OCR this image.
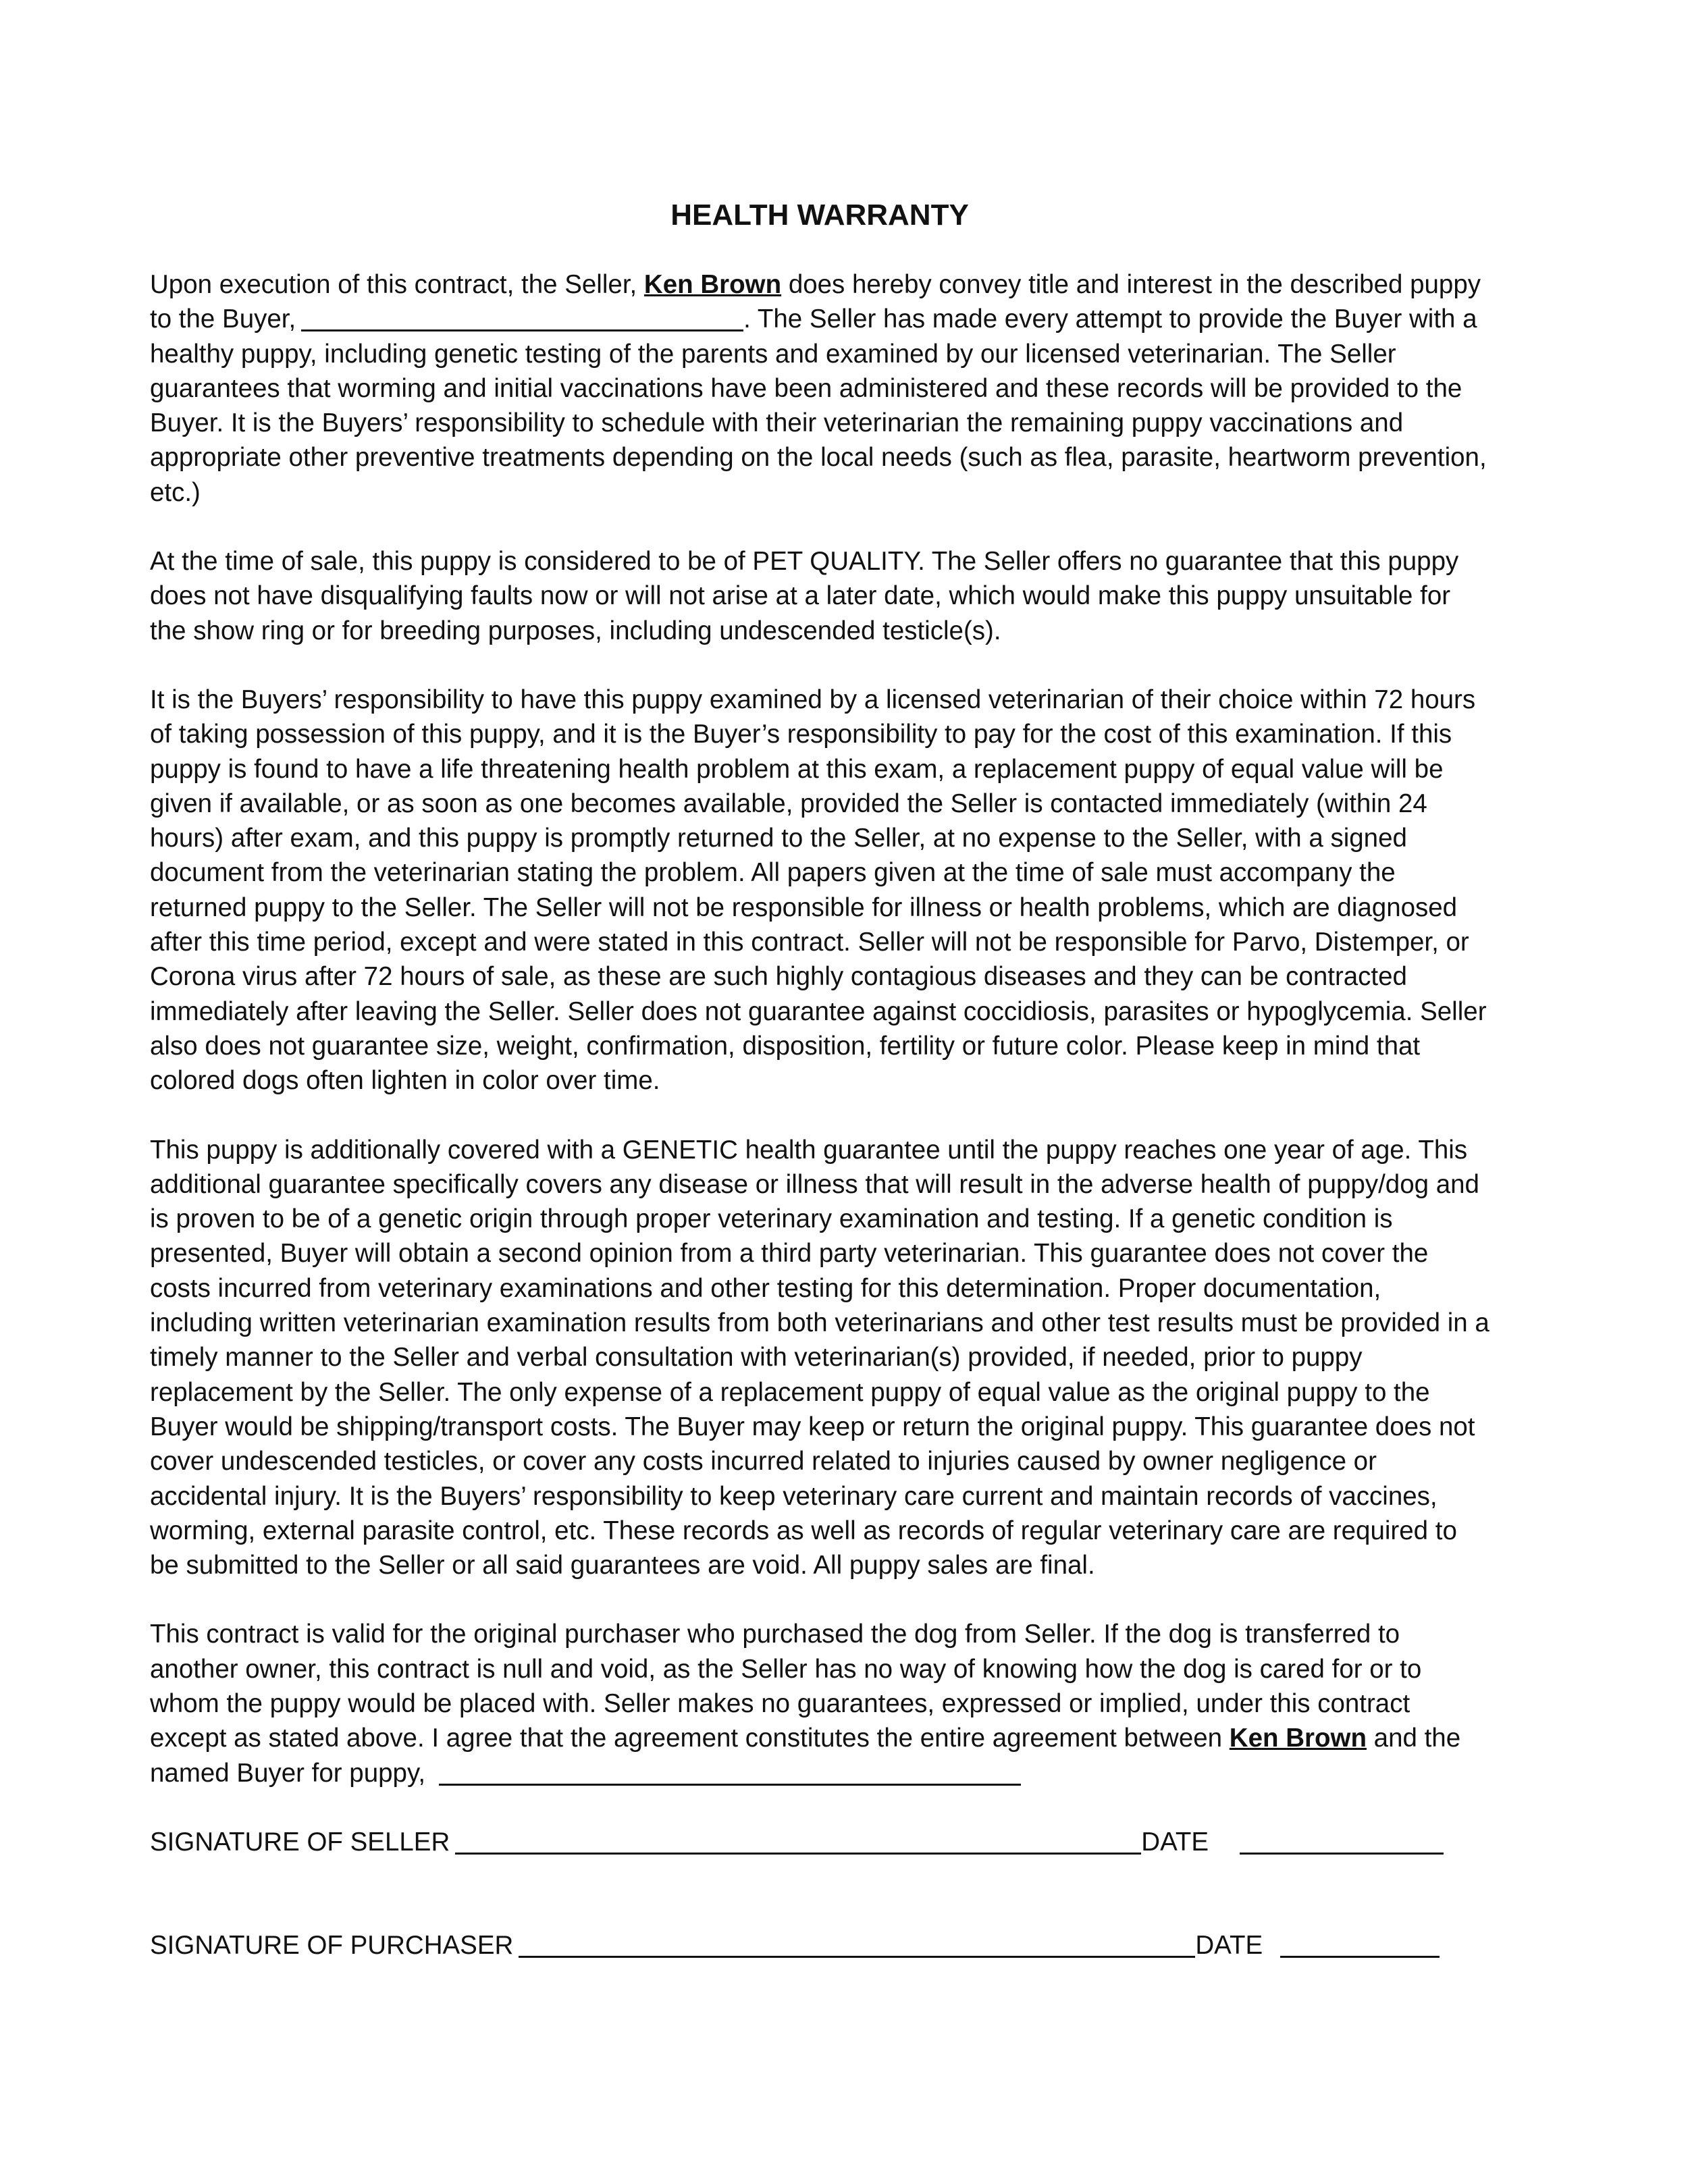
HEALTH WARRANTY

Upon execution of this contract, the Seller, Ken Brown does hereby convey title and interest in the described puppy to the Buyer,	. The Seller has made every attempt to provide the Buyer with a healthy puppy, including genetic testing of the parents and examined by our licensed veterinarian. The Seller guarantees that worming and initial vaccinations have been administered and these records will be provided to the Buyer. It is the Buyers’ responsibility to schedule with their veterinarian the remaining puppy vaccinations and appropriate other preventive treatments depending on the local needs (such as flea, parasite, heartworm prevention, etc.)

At the time of sale, this puppy is considered to be of PET QUALITY. The Seller offers no guarantee that this puppy does not have disqualifying faults now or will not arise at a later date, which would make this puppy unsuitable for the show ring or for breeding purposes, including undescended testicle(s).

It is the Buyers’ responsibility to have this puppy examined by a licensed veterinarian of their choice within 72 hours of taking possession of this puppy, and it is the Buyer’s responsibility to pay for the cost of this examination. If this puppy is found to have a life threatening health problem at this exam, a replacement puppy of equal value will be given if available, or as soon as one becomes available, provided the Seller is contacted immediately (within 24 hours) after exam, and this puppy is promptly returned to the Seller, at no expense to the Seller, with a signed document from the veterinarian stating the problem. All papers given at the time of sale must accompany the returned puppy to the Seller. The Seller will not be responsible for illness or health problems, which are diagnosed after this time period, except and were stated in this contract. Seller will not be responsible for Parvo, Distemper, or Corona virus after 72 hours of sale, as these are such highly contagious diseases and they can be contracted immediately after leaving the Seller. Seller does not guarantee against coccidiosis, parasites or hypoglycemia. Seller also does not guarantee size, weight, confirmation, disposition, fertility or future color. Please keep in mind that colored dogs often lighten in color over time.

This puppy is additionally covered with a GENETIC health guarantee until the puppy reaches one year of age. This additional guarantee specifically covers any disease or illness that will result in the adverse health of puppy/dog and is proven to be of a genetic origin through proper veterinary examination and testing. If a genetic condition is presented, Buyer will obtain a second opinion from a third party veterinarian. This guarantee does not cover the costs incurred from veterinary examinations and other testing for this determination. Proper documentation, including written veterinarian examination results from both veterinarians and other test results must be provided in a timely manner to the Seller and verbal consultation with veterinarian(s) provided, if needed, prior to puppy replacement by the Seller. The only expense of a replacement puppy of equal value as the original puppy to the Buyer would be shipping/transport costs. The Buyer may keep or return the original puppy. This guarantee does not cover undescended testicles, or cover any costs incurred related to injuries caused by owner negligence or accidental injury. It is the Buyers’ responsibility to keep veterinary care current and maintain records of vaccines, worming, external parasite control, etc. These records as well as records of regular veterinary care are required to be submitted to the Seller or all said guarantees are void. All puppy sales are final.

This contract is valid for the original purchaser who purchased the dog from Seller. If the dog is transferred to another owner, this contract is null and void, as the Seller has no way of knowing how the dog is cared for or to whom the puppy would be placed with. Seller makes no guarantees, expressed or implied, under this contract except as stated above. I agree that the agreement constitutes the entire agreement between Ken Brown and the named Buyer for puppy,

SIGNATURE OF SELLER	DATE
SIGNATURE OF PURCHASER	DATE
